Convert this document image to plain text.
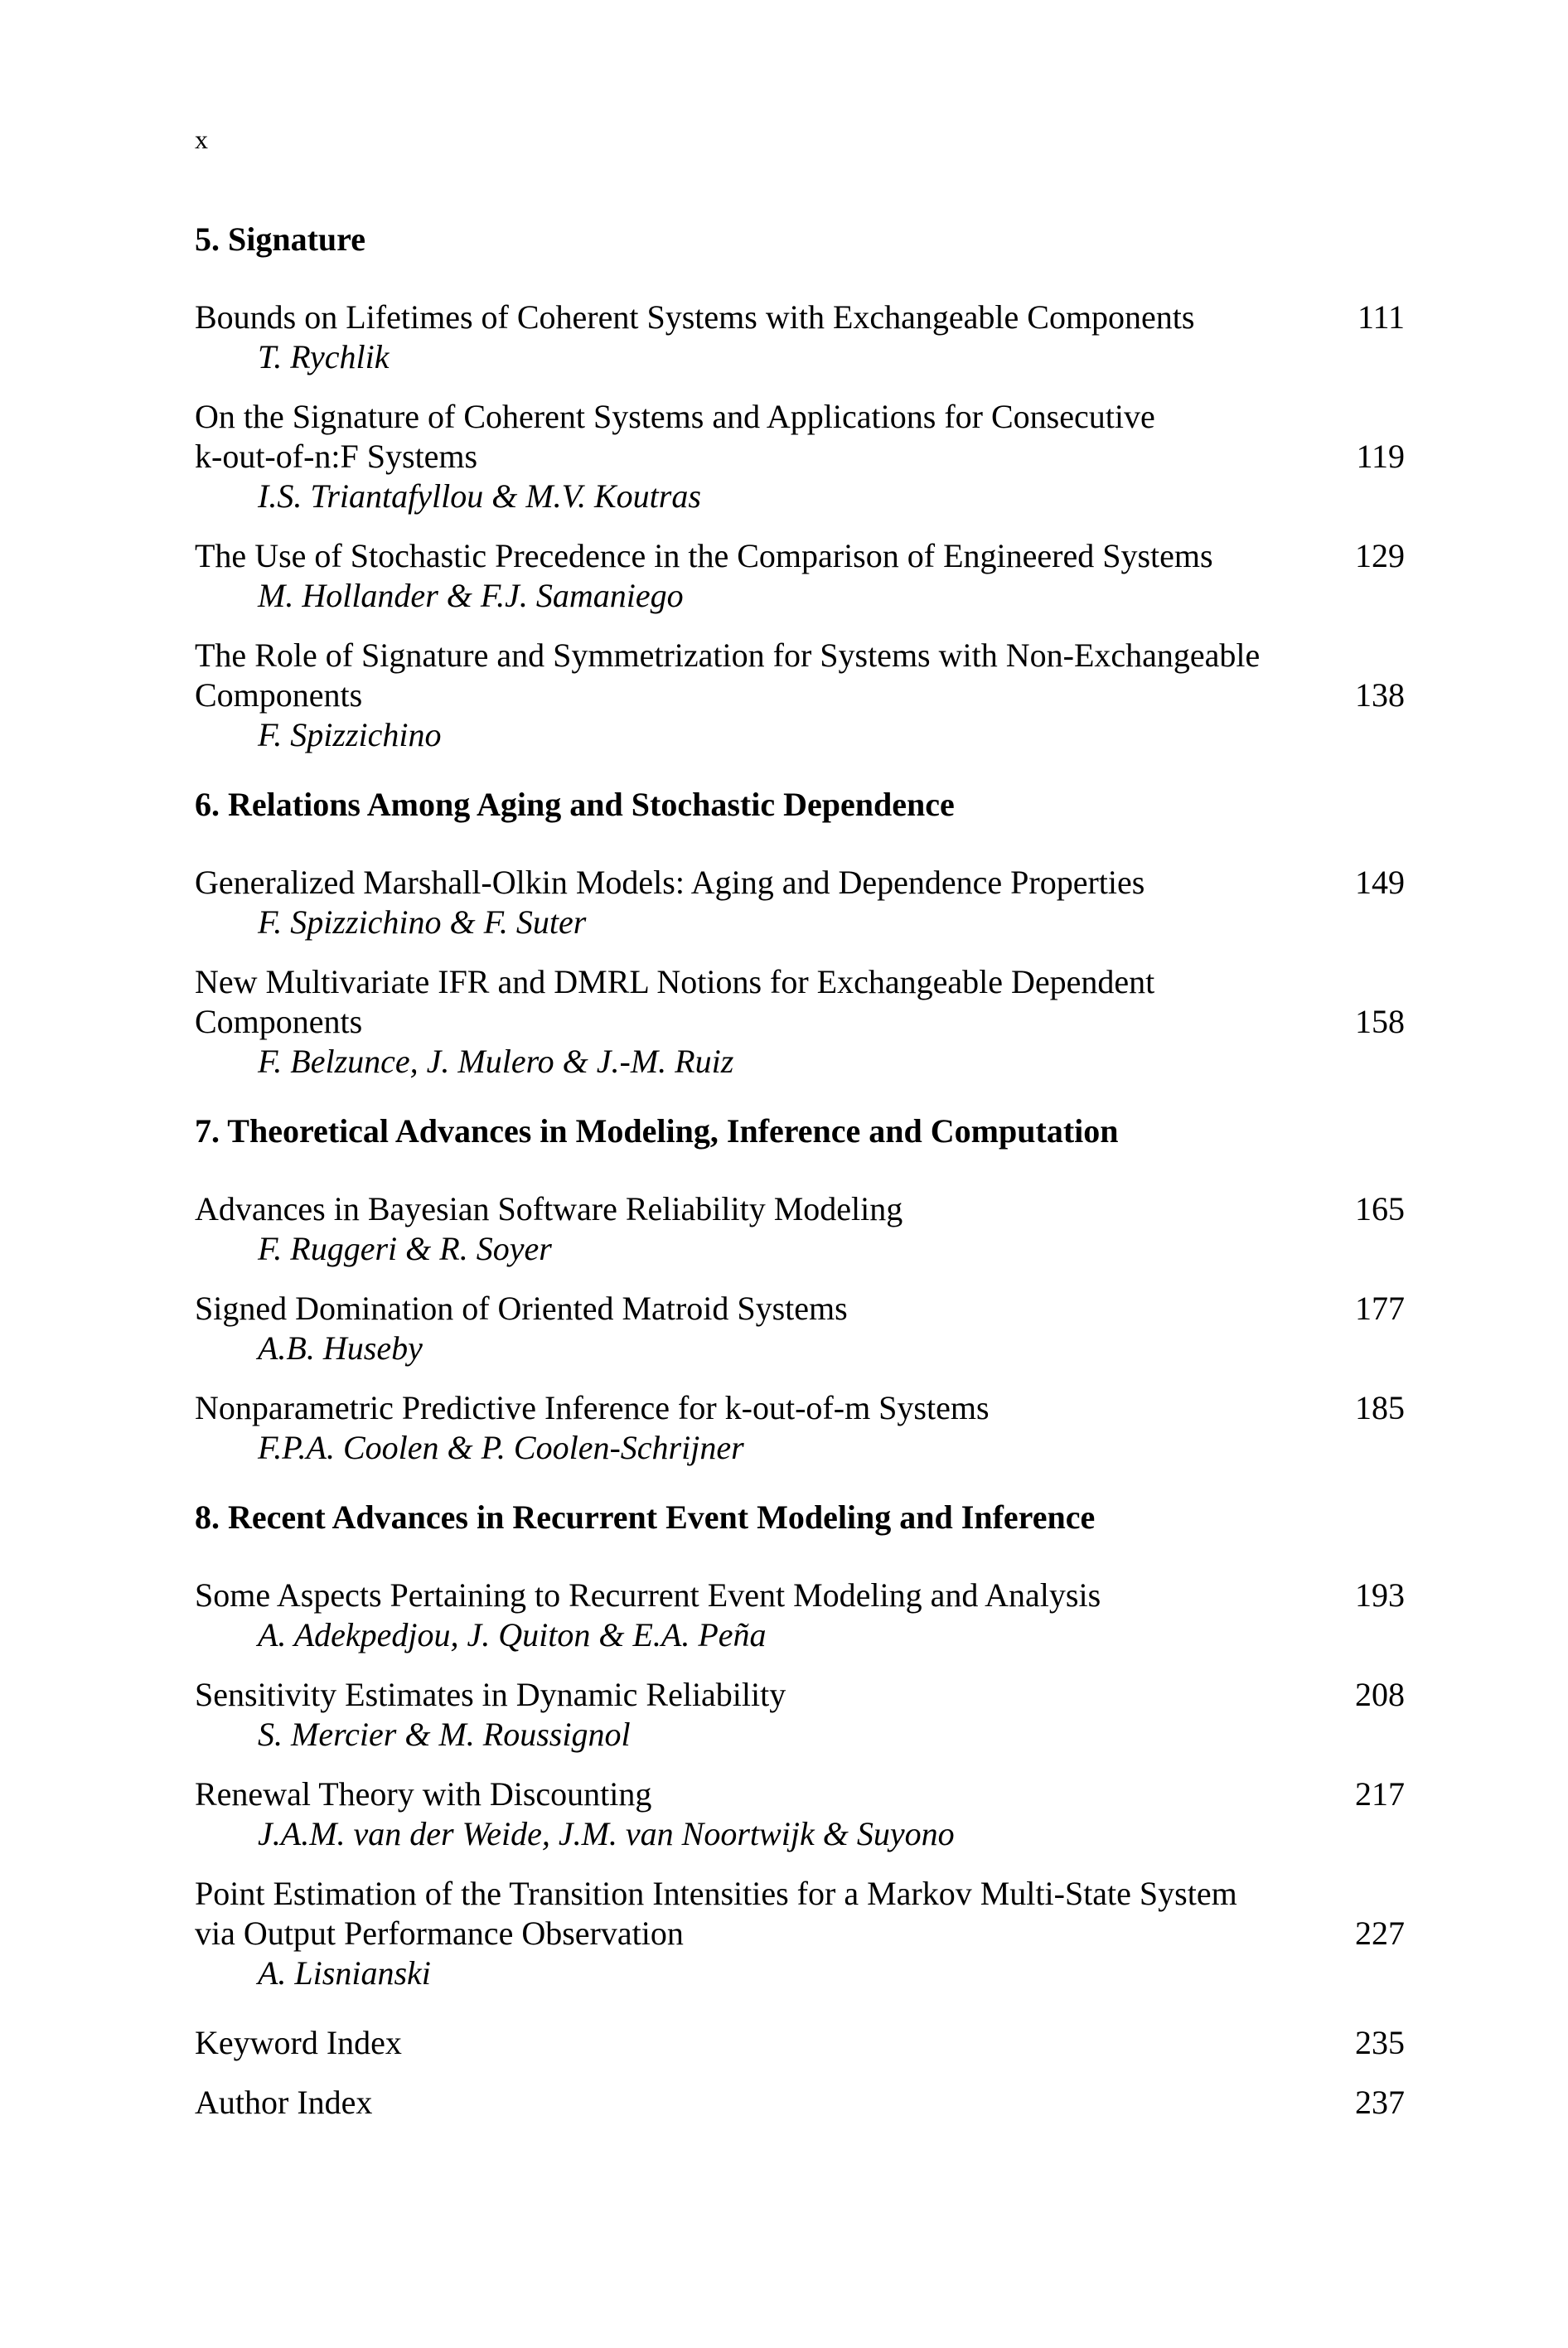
x
5. Signature
Bounds on Lifetimes of Coherent Systems with Exchangeable Components
T. Rychlik
111
On the Signature of Coherent Systems and Applications for Consecutive
k-out-of-n:F Systems
I.S. Triantafyllou & M.V. Koutras
119
The Use of Stochastic Precedence in the Comparison of Engineered Systems
M. Hollander & F.J. Samaniego
129
The Role of Signature and Symmetrization for Systems with Non-Exchangeable
Components
F. Spizzichino
138
6. Relations Among Aging and Stochastic Dependence
Generalized Marshall-Olkin Models: Aging and Dependence Properties
F. Spizzichino & F. Suter
149
New Multivariate IFR and DMRL Notions for Exchangeable Dependent
Components
F. Belzunce, J. Mulero & J.-M. Ruiz
158
7. Theoretical Advances in Modeling, Inference and Computation
Advances in Bayesian Software Reliability Modeling
F. Ruggeri & R. Soyer
165
Signed Domination of Oriented Matroid Systems
A.B. Huseby
177
Nonparametric Predictive Inference for k-out-of-m Systems
F.P.A. Coolen & P. Coolen-Schrijner
185
8. Recent Advances in Recurrent Event Modeling and Inference
Some Aspects Pertaining to Recurrent Event Modeling and Analysis
A. Adekpedjou, J. Quiton & E.A. Peña
193
Sensitivity Estimates in Dynamic Reliability
S. Mercier & M. Roussignol
208
Renewal Theory with Discounting
J.A.M. van der Weide, J.M. van Noortwijk & Suyono
217
Point Estimation of the Transition Intensities for a Markov Multi-State System
via Output Performance Observation
A. Lisnianski
227
Keyword Index	235
Author Index	237
